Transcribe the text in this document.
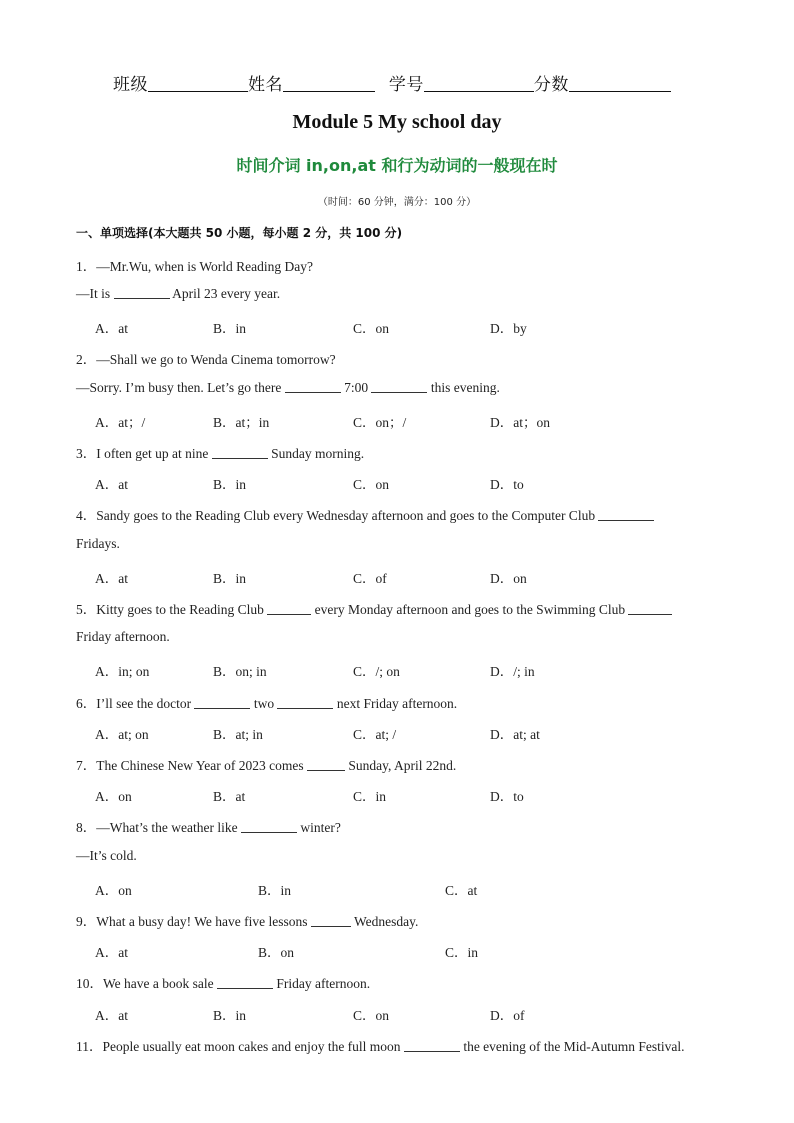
班级	姓名	学号	分数
Module 5 My school day
时间介词 in,on,at 和行为动词的一般现在时
（时间：60 分钟，满分：100 分）
一、单项选择(本大题共 50 小题，每小题 2 分，共 100 分)
1．—Mr.Wu, when is World Reading Day?
—It is	April 23 every year.
A．at	B．in	C．on	D．by
2．—Shall we go to Wenda Cinema tomorrow?
—Sorry. I’m busy then. Let’s go there	7:00	this evening.
A．at；/	B．at；in	C．on；/	D．at；on
3．I often get up at nine	Sunday morning.
A．at	B．in	C．on	D．to
4．Sandy goes to the Reading Club every Wednesday afternoon and goes to the Computer Club
Fridays.
A．at	B．in	C．of	D．on
5．Kitty goes to the Reading Club	every Monday afternoon and goes to the Swimming Club
Friday afternoon.
A．in; on	B．on; in	C．/; on	D．/; in
6．I’ll see the doctor	two	next Friday afternoon.
A．at; on	B．at; in	C．at; /	D．at; at
7．The Chinese New Year of 2023 comes	Sunday, April 22nd.
A．on	B．at	C．in	D．to
8．—What’s the weather like	winter?
—It’s cold.
A．on	B．in	C．at
9．What a busy day! We have five lessons	Wednesday.
A．at	B．on	C．in
10．We have a book sale	Friday afternoon.
A．at	B．in	C．on	D．of
11．People usually eat moon cakes and enjoy the full moon	the evening of the Mid-Autumn Festival.
